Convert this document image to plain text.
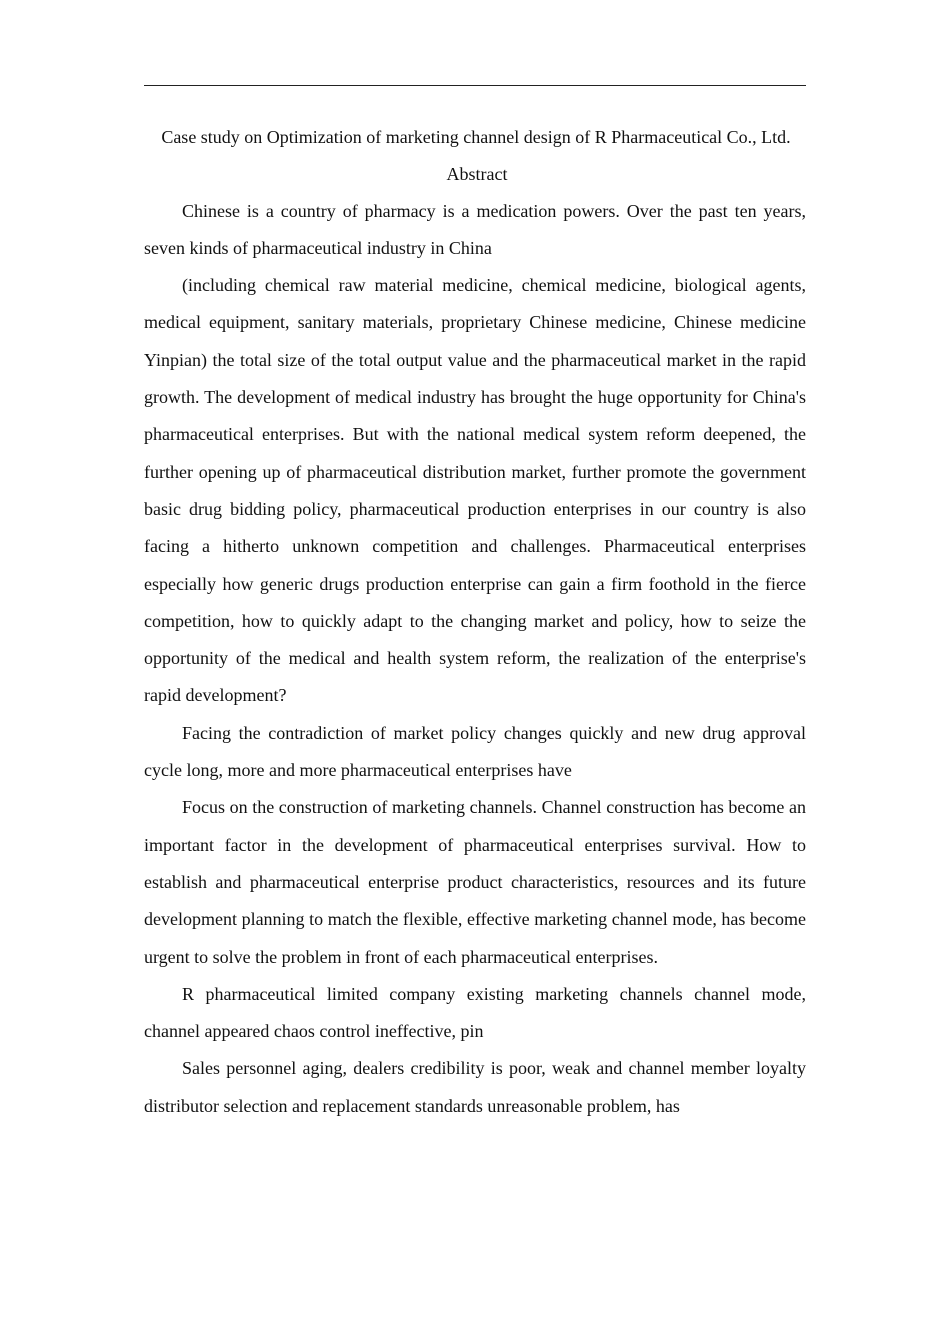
Case study on Optimization of marketing channel design of R Pharmaceutical Co., Ltd.
Abstract

Chinese is a country of pharmacy is a medication powers. Over the past ten years, seven kinds of pharmaceutical industry in China

(including chemical raw material medicine, chemical medicine, biological agents, medical equipment, sanitary materials, proprietary Chinese medicine, Chinese medicine Yinpian) the total size of the total output value and the pharmaceutical market in the rapid growth. The development of medical industry has brought the huge opportunity for China's pharmaceutical enterprises. But with the national medical system reform deepened, the further opening up of pharmaceutical distribution market, further promote the government basic drug bidding policy, pharmaceutical production enterprises in our country is also facing a hitherto unknown competition and challenges. Pharmaceutical enterprises especially how generic drugs production enterprise can gain a firm foothold in the fierce competition, how to quickly adapt to the changing market and policy, how to seize the opportunity of the medical and health system reform, the realization of the enterprise's rapid development?

Facing the contradiction of market policy changes quickly and new drug approval cycle long, more and more pharmaceutical enterprises have

Focus on the construction of marketing channels. Channel construction has become an important factor in the development of pharmaceutical enterprises survival. How to establish and pharmaceutical enterprise product characteristics, resources and its future development planning to match the flexible, effective marketing channel mode, has become urgent to solve the problem in front of each pharmaceutical enterprises.

R pharmaceutical limited company existing marketing channels channel mode, channel appeared chaos control ineffective, pin

Sales personnel aging, dealers credibility is poor, weak and channel member loyalty distributor selection and replacement standards unreasonable problem, has
